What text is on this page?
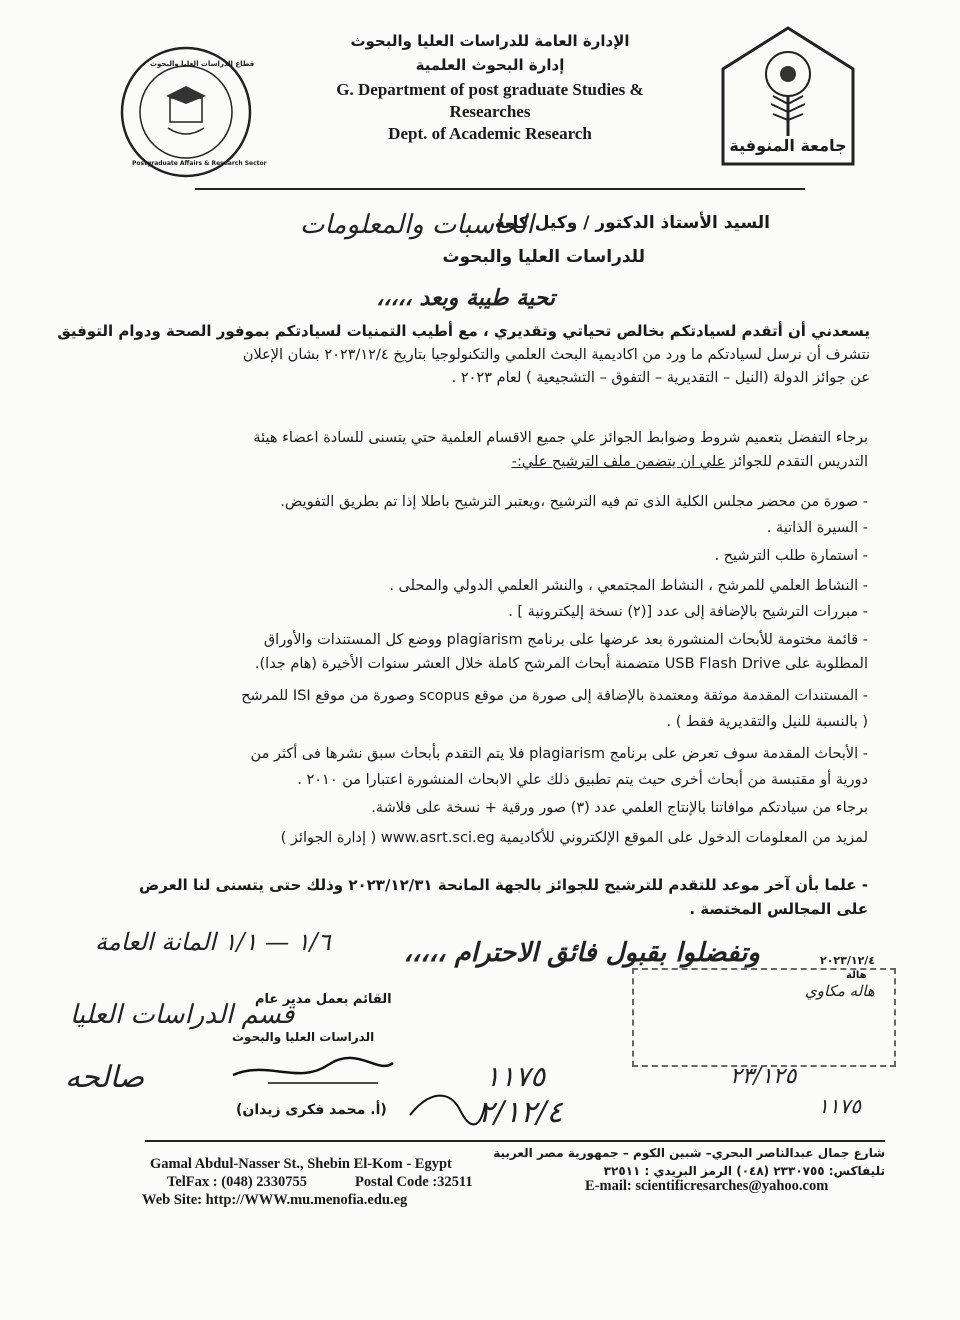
قطاع الدراسات العليا والبحوث
Postgraduate Affairs & Research Sector
جامعة المنوفية
الإدارة العامة للدراسات العليا والبحوث
إدارة البحوث العلمية
G. Department of post graduate Studies &
Researches
Dept. of Academic Research
السيد الأستاذ الدكتور / وكيل كلية
الحاسبات والمعلومات
للدراسات العليا والبحوث
تحية طيبة وبعد ،،،،،
يسعدني أن أتقدم لسيادتكم بخالص تحياتي وتقديري ، مع أطيب التمنيات لسيادتكم بموفور الصحة ودوام التوفيق
نتشرف أن نرسل لسيادتكم ما ورد من اكاديمية البحث العلمي والتكنولوجيا بتاريخ ٢٠٢٣/١٢/٤ بشان الإعلان
عن جوائز الدولة (النيل – التقديرية – التفوق – التشجيعية ) لعام ٢٠٢٣ .
برجاء التفضل بتعميم شروط وضوابط الجوائز علي جميع الاقسام العلمية حتي يتسنى للسادة اعضاء هيئة
التدريس التقدم للجوائز علي ان يتضمن ملف الترشيح علي:-
- صورة من محضر مجلس الكلية الذى تم فيه الترشيح ،ويعتبر الترشيح باطلا إذا تم بطريق التفويض.
- السيرة الذاتية .
- استمارة طلب الترشيح .
- النشاط العلمي للمرشح ، النشاط المجتمعي ، والنشر العلمي الدولي والمحلى .
- مبررات الترشيح بالإضافة إلى عدد [(٢) نسخة إليكترونية ] .
- قائمة مختومة للأبحاث المنشورة بعد عرضها على برنامج plagiarism ووضع كل المستندات والأوراق
المطلوبة على USB Flash Drive متضمنة أبحاث المرشح كاملة خلال العشر سنوات الأخيرة (هام جدا).
- المستندات المقدمة موثقة ومعتمدة بالإضافة إلى صورة من موقع scopus وصورة من موقع ISI للمرشح
( بالنسبة للنيل والتقديرية فقط ) .
- الأبحاث المقدمة سوف تعرض على برنامج plagiarism فلا يتم التقدم بأبحاث سبق نشرها فى أكثر من
دورية أو مقتبسة من أبحاث أخرى حيث يتم تطبيق ذلك علي الابحاث المنشورة اعتبارا من ٢٠١٠ .
برجاء من سيادتكم موافاتنا بالإنتاج العلمي عدد (٣) صور ورقية + نسخة على فلاشة.
لمزيد من المعلومات الدخول على الموقع الإلكتروني للأكاديمية www.asrt.sci.eg ( إدارة الجوائز )
- علما بأن آخر موعد للتقدم للترشيح للجوائز بالجهة المانحة ٢٠٢٣/١٢/٣١ وذلك حتى يتسنى لنا العرض
على المجالس المختصة .
وتفضلوا بقبول فائق الاحترام ،،،،،
١/٦ — ١/١ المانة العامة
قسم الدراسات العليا
صالحه
القائم بعمل مدير عام
الدراسات العليا والبحوث
(أ. محمد فكرى زيدان)
١١٧٥
٢/١٢/٤
٢٠٢٣/١٢/٤
هالة
هاله مكاوي
٢٣/١٢٥
١١٧٥
Gamal Abdul-Nasser St., Shebin El-Kom - Egypt
TelFax : (048) 2330755	Postal Code :32511
Web Site: http://WWW.mu.menofia.edu.eg
شارع جمال عبدالناصر البحري– شبين الكوم – جمهورية مصر العربية
تليفاكس: ٢٣٣٠٧٥٥ (٠٤٨) الرمز البريدي : ٣٢٥١١
E-mail: scientificresarches@yahoo.com
